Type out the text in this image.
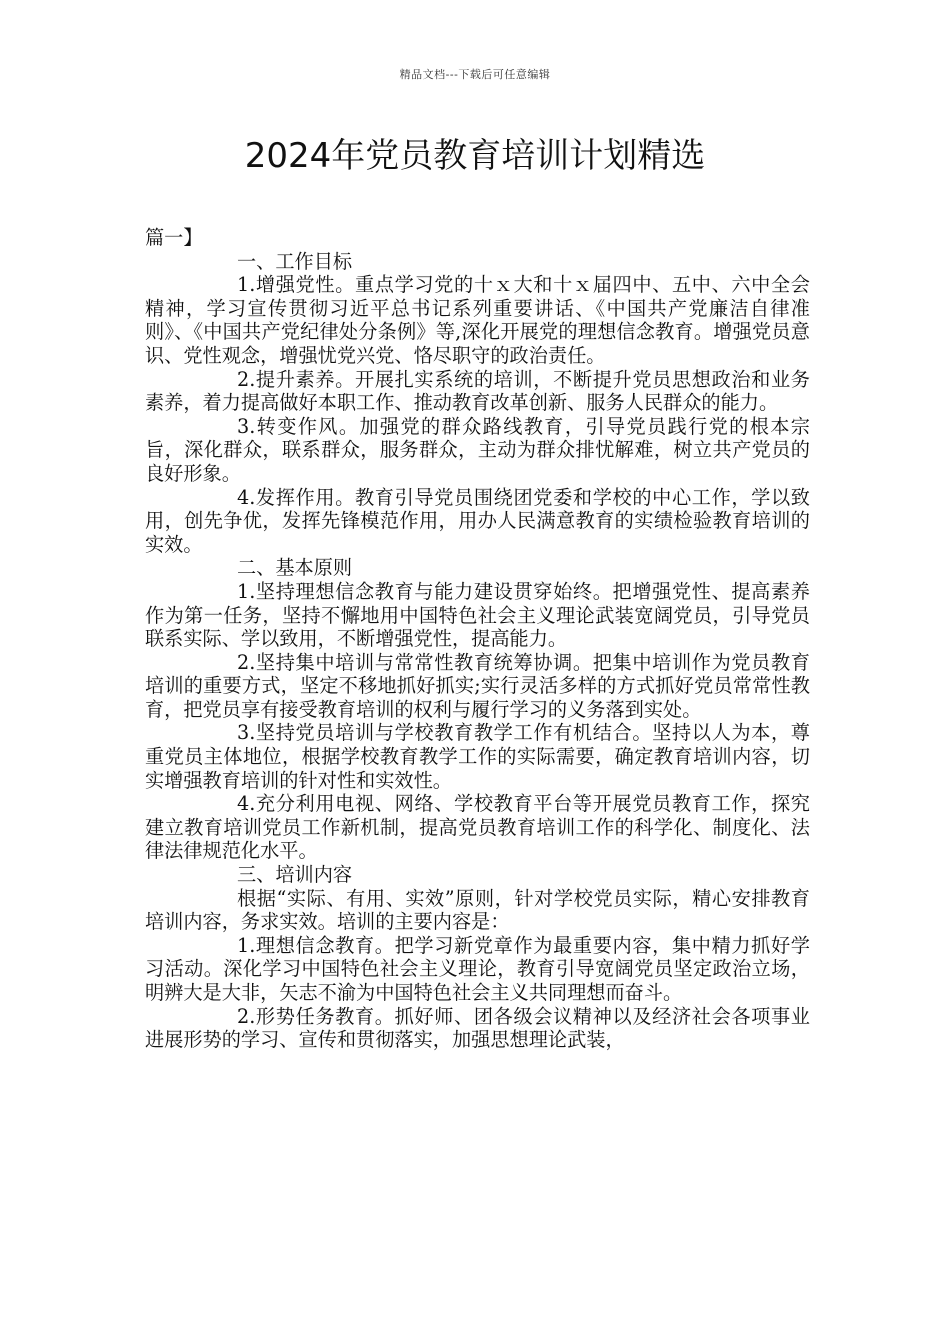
精品文档---下载后可任意编辑
2024年党员教育培训计划精选

篇一】

一、工作目标

1.增强党性。重点学习党的十ｘ大和十ｘ届四中、五中、六中全会精神，学习宣传贯彻习近平总书记系列重要讲话、《中国共产党廉洁自律准则》、《中国共产党纪律处分条例》等,深化开展党的理想信念教育。增强党员意识、党性观念，增强忧党兴党、恪尽职守的政治责任。

2.提升素养。开展扎实系统的培训，不断提升党员思想政治和业务素养，着力提高做好本职工作、推动教育改革创新、服务人民群众的能力。

3.转变作风。加强党的群众路线教育，引导党员践行党的根本宗旨，深化群众，联系群众，服务群众，主动为群众排忧解难，树立共产党员的良好形象。

4.发挥作用。教育引导党员围绕团党委和学校的中心工作，学以致用，创先争优，发挥先锋模范作用，用办人民满意教育的实绩检验教育培训的实效。

二、基本原则

1.坚持理想信念教育与能力建设贯穿始终。把增强党性、提高素养作为第一任务，坚持不懈地用中国特色社会主义理论武装宽阔党员，引导党员联系实际、学以致用，不断增强党性，提高能力。

2.坚持集中培训与常常性教育统筹协调。把集中培训作为党员教育培训的重要方式，坚定不移地抓好抓实;实行灵活多样的方式抓好党员常常性教育，把党员享有接受教育培训的权利与履行学习的义务落到实处。

3.坚持党员培训与学校教育教学工作有机结合。坚持以人为本，尊重党员主体地位，根据学校教育教学工作的实际需要，确定教育培训内容，切实增强教育培训的针对性和实效性。

4.充分利用电视、网络、学校教育平台等开展党员教育工作，探究建立教育培训党员工作新机制，提高党员教育培训工作的科学化、制度化、法律法律规范化水平。

三、培训内容

根据“实际、有用、实效”原则，针对学校党员实际，精心安排教育培训内容，务求实效。培训的主要内容是：

1.理想信念教育。把学习新党章作为最重要内容，集中精力抓好学习活动。深化学习中国特色社会主义理论，教育引导宽阔党员坚定政治立场，明辨大是大非，矢志不渝为中国特色社会主义共同理想而奋斗。

2.形势任务教育。抓好师、团各级会议精神以及经济社会各项事业进展形势的学习、宣传和贯彻落实，加强思想理论武装，
